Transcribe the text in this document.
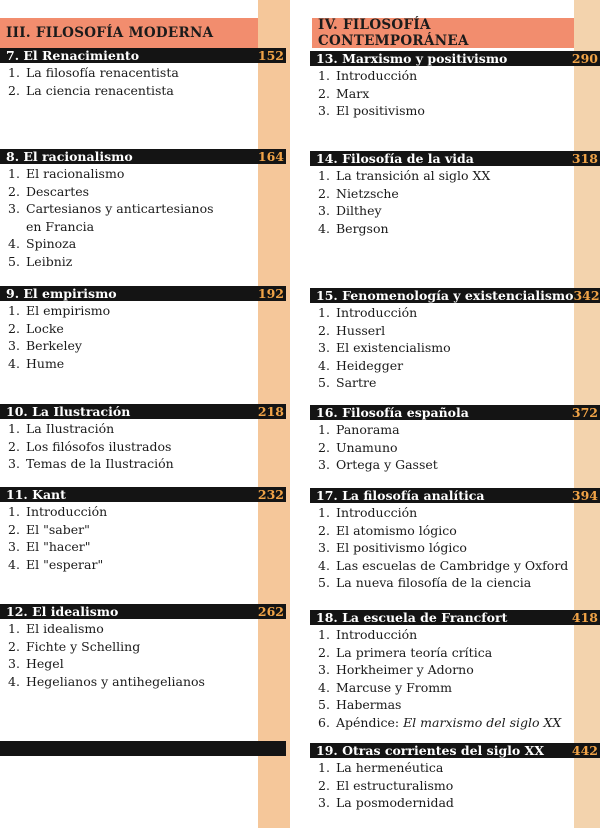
III. FILOSOFÍA MODERNA	IV. FILOSOFÍA CONTEMPORÁNEA
7. El Renacimiento	152
1. La filosofía renacentista
2. La ciencia renacentista
8. El racionalismo	164
1. El racionalismo
2. Descartes
3. Cartesianos y anticartesianos
en Francia
4. Spinoza
5. Leibniz
9. El empirismo	192
1. El empirismo
2. Locke
3. Berkeley
4. Hume
10. La Ilustración	218
1. La Ilustración
2. Los filósofos ilustrados
3. Temas de la Ilustración
11. Kant	232
1. Introducción
2. El "saber"
3. El "hacer"
4. El "esperar"
12. El idealismo	262
1. El idealismo
2. Fichte y Schelling
3. Hegel
4. Hegelianos y antihegelianos
13. Marxismo y positivismo	290
1. Introducción
2. Marx
3. El positivismo
14. Filosofía de la vida	318
1. La transición al siglo XX
2. Nietzsche
3. Dilthey
4. Bergson
15. Fenomenología y existencialismo 342
1. Introducción
2. Husserl
3. El existencialismo
4. Heidegger
5. Sartre
16. Filosofía española	372
1. Panorama
2. Unamuno
3. Ortega y Gasset
17. La filosofía analítica	394
1. Introducción
2. El atomismo lógico
3. El positivismo lógico
4. Las escuelas de Cambridge y Oxford
5. La nueva filosofía de la ciencia
18. La escuela de Francfort	418
1. Introducción
2. La primera teoría crítica
3. Horkheimer y Adorno
4. Marcuse y Fromm
5. Habermas
6. Apéndice: El marxismo del siglo XX
19. Otras corrientes del siglo XX 442
1. La hermenéutica
2. El estructuralismo
3. La posmodernidad
